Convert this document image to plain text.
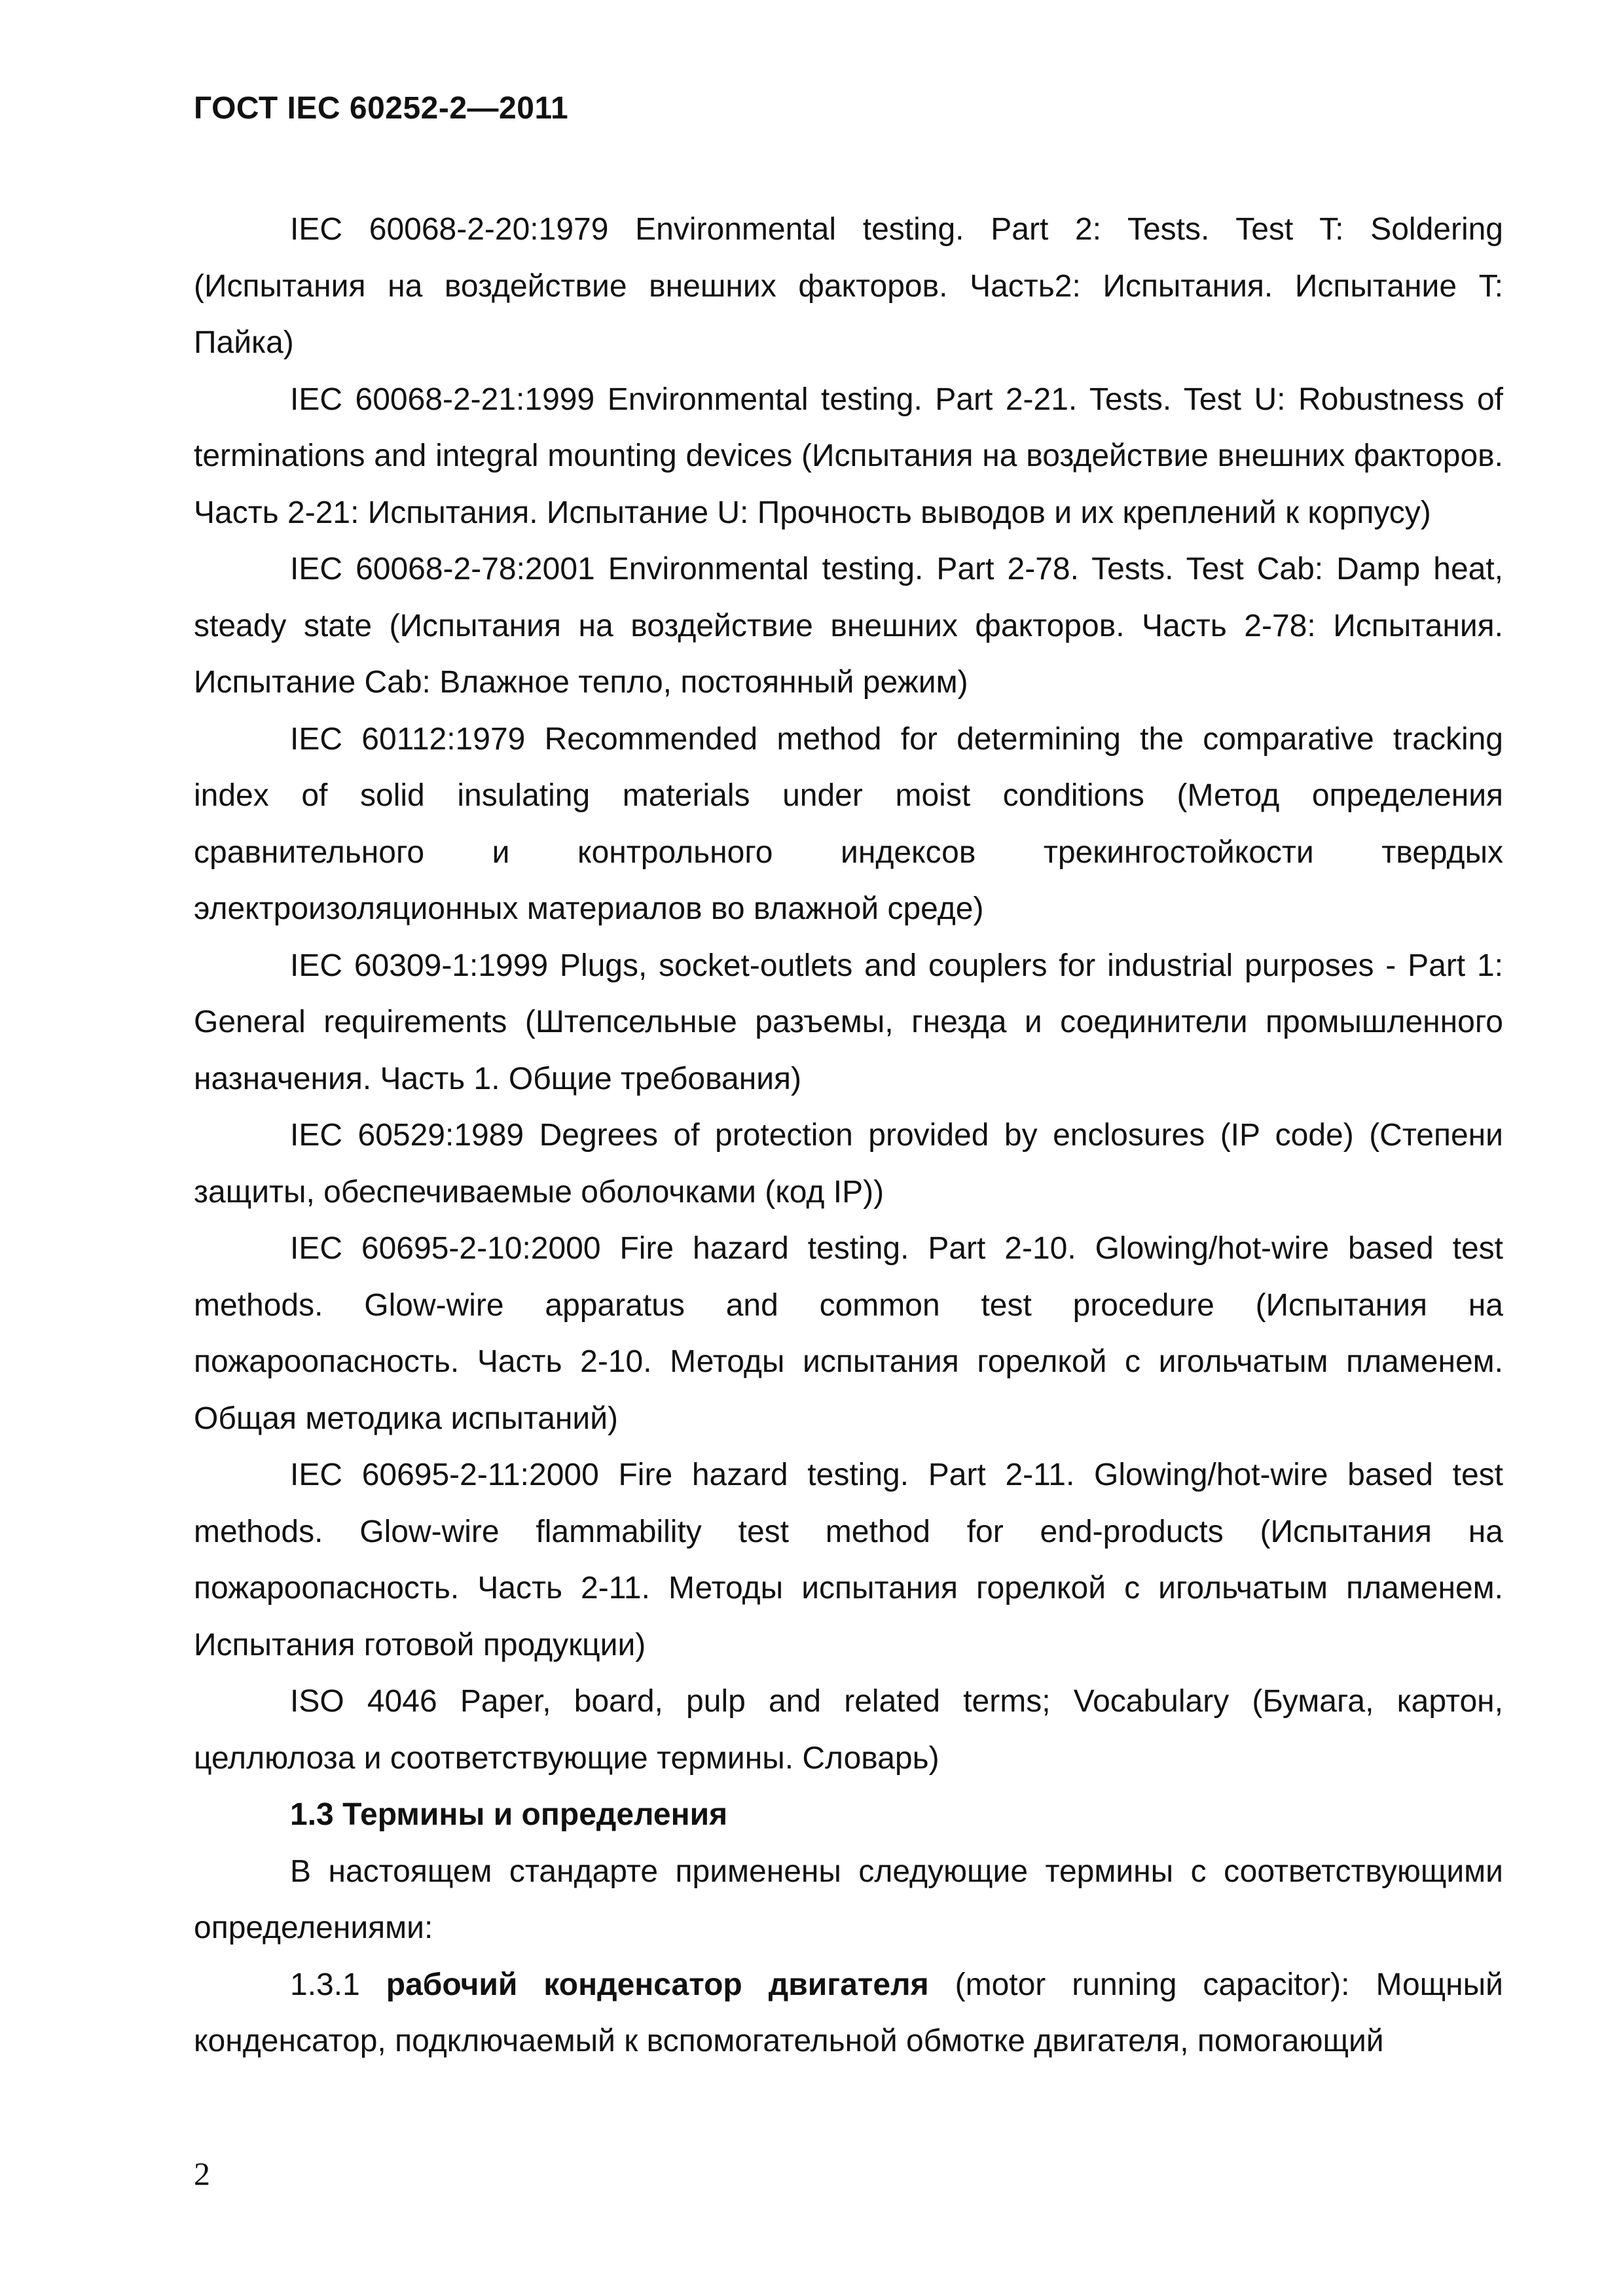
ГОСТ IEC 60252-2—2011

IEC 60068-2-20:1979 Environmental testing. Part 2: Tests. Test T: Soldering (Испытания на воздействие внешних факторов. Часть2: Испытания. Испытание T: Пайка)

IEC 60068-2-21:1999 Environmental testing. Part 2-21. Tests. Test U: Robustness of terminations and integral mounting devices (Испытания на воздействие внешних факторов. Часть 2-21: Испытания. Испытание U: Прочность выводов и их креплений к корпусу)

IEC 60068-2-78:2001 Environmental testing. Part 2-78. Tests. Test Cab: Damp heat, steady state (Испытания на воздействие внешних факторов. Часть 2-78: Испытания. Испытание Cab: Влажное тепло, постоянный режим)

IEC 60112:1979 Recommended method for determining the comparative tracking index of solid insulating materials under moist conditions (Метод определения сравнительного и контрольного индексов трекингостойкости твердых электроизоляционных материалов во влажной среде)

IEC 60309-1:1999 Plugs, socket-outlets and couplers for industrial purposes - Part 1: General requirements (Штепсельные разъемы, гнезда и соединители промышленного назначения. Часть 1. Общие требования)

IEC 60529:1989 Degrees of protection provided by enclosures (IP code) (Степени защиты, обеспечиваемые оболочками (код IP))

IEC 60695-2-10:2000 Fire hazard testing. Part 2-10. Glowing/hot-wire based test methods. Glow-wire apparatus and common test procedure (Испытания на пожароопасность. Часть 2-10. Методы испытания горелкой с игольчатым пламенем. Общая методика испытаний)

IEC 60695-2-11:2000 Fire hazard testing. Part 2-11. Glowing/hot-wire based test methods. Glow-wire flammability test method for end-products (Испытания на пожароопасность. Часть 2-11. Методы испытания горелкой с игольчатым пламенем. Испытания готовой продукции)

ISO 4046 Paper, board, pulp and related terms; Vocabulary (Бумага, картон, целлюлоза и соответствующие термины. Словарь)

1.3 Термины и определения

В настоящем стандарте применены следующие термины с соответствующими определениями:

1.3.1 рабочий конденсатор двигателя (motor running capacitor): Мощный конденсатор, подключаемый к вспомогательной обмотке двигателя, помогающий

2
